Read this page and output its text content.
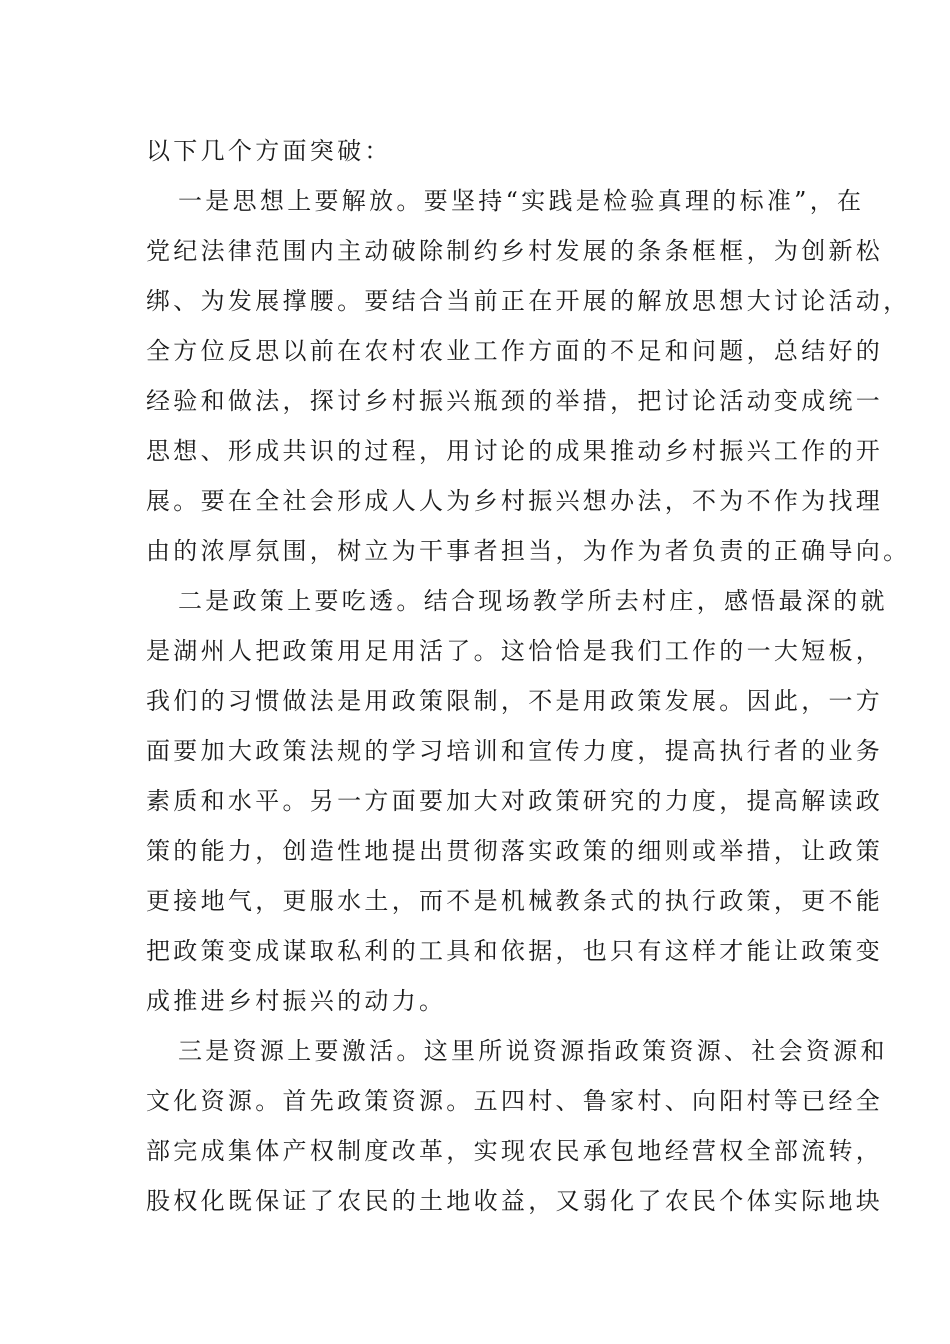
以下几个方面突破：
一是思想上要解放。要坚持“实践是检验真理的标准”，在
党纪法律范围内主动破除制约乡村发展的条条框框，为创新松
绑、为发展撑腰。要结合当前正在开展的解放思想大讨论活动，
全方位反思以前在农村农业工作方面的不足和问题，总结好的
经验和做法，探讨乡村振兴瓶颈的举措，把讨论活动变成统一
思想、形成共识的过程，用讨论的成果推动乡村振兴工作的开
展。要在全社会形成人人为乡村振兴想办法，不为不作为找理
由的浓厚氛围，树立为干事者担当，为作为者负责的正确导向。
二是政策上要吃透。结合现场教学所去村庄，感悟最深的就
是湖州人把政策用足用活了。这恰恰是我们工作的一大短板，
我们的习惯做法是用政策限制，不是用政策发展。因此，一方
面要加大政策法规的学习培训和宣传力度，提高执行者的业务
素质和水平。另一方面要加大对政策研究的力度，提高解读政
策的能力，创造性地提出贯彻落实政策的细则或举措，让政策
更接地气，更服水土，而不是机械教条式的执行政策，更不能
把政策变成谋取私利的工具和依据，也只有这样才能让政策变
成推进乡村振兴的动力。
三是资源上要激活。这里所说资源指政策资源、社会资源和
文化资源。首先政策资源。五四村、鲁家村、向阳村等已经全
部完成集体产权制度改革，实现农民承包地经营权全部流转，
股权化既保证了农民的土地收益，又弱化了农民个体实际地块
